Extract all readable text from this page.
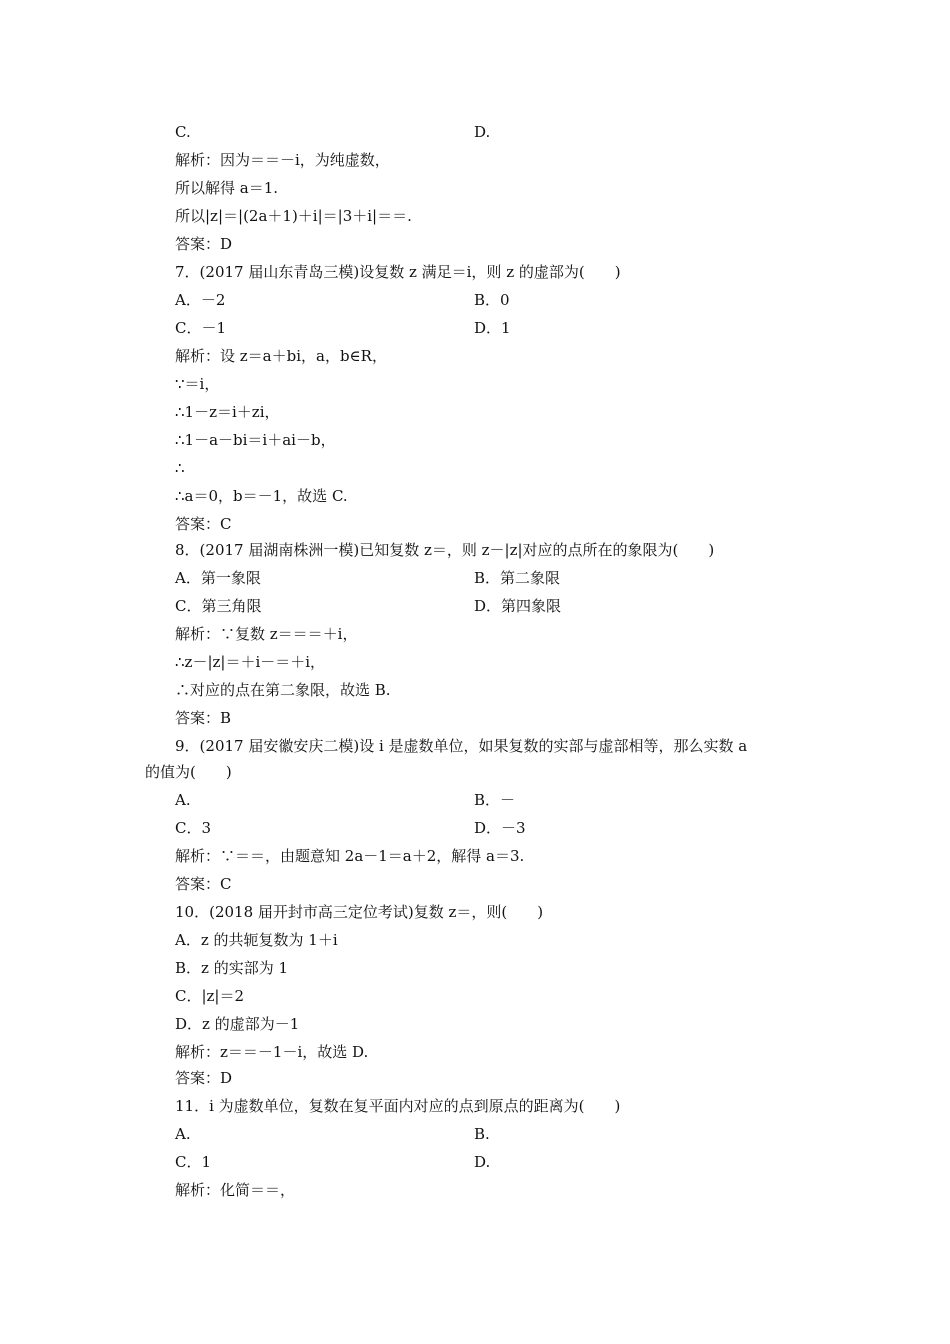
C.	D.
解析：因为＝＝－i，为纯虚数，
所以解得 a＝1.
所以|z|＝|(2a＋1)＋i|＝|3＋i|＝＝.
答案：D
7．(2017 届山东青岛三模)设复数 z 满足＝i，则 z 的虚部为(　　)
A．－2	B．0
C．－1	D．1
解析：设 z＝a＋bi，a，b∈R，
∵＝i，
∴1－z＝i＋zi，
∴1－a－bi＝i＋ai－b，
∴
∴a＝0，b＝－1，故选 C.
答案：C
8．(2017 届湖南株洲一模)已知复数 z＝，则 z－|z|对应的点所在的象限为(　　)
A．第一象限	B．第二象限
C．第三角限	D．第四象限
解析：∵复数 z＝＝＝＋i，
∴z－|z|＝＋i－＝＋i，
∴对应的点在第二象限，故选 B.
答案：B
9．(2017 届安徽安庆二模)设 i 是虚数单位，如果复数的实部与虚部相等，那么实数 a
的值为(　　)
A.	B．－
C．3	D．－3
解析：∵＝＝，由题意知 2a－1＝a＋2，解得 a＝3.
答案：C
10．(2018 届开封市高三定位考试)复数 z＝，则(　　)
A．z 的共轭复数为 1＋i
B．z 的实部为 1
C．|z|＝2
D．z 的虚部为－1
解析：z＝＝－1－i，故选 D.
答案：D
11．i 为虚数单位，复数在复平面内对应的点到原点的距离为(　　)
A.	B.
C．1	D.
解析：化简＝＝，
